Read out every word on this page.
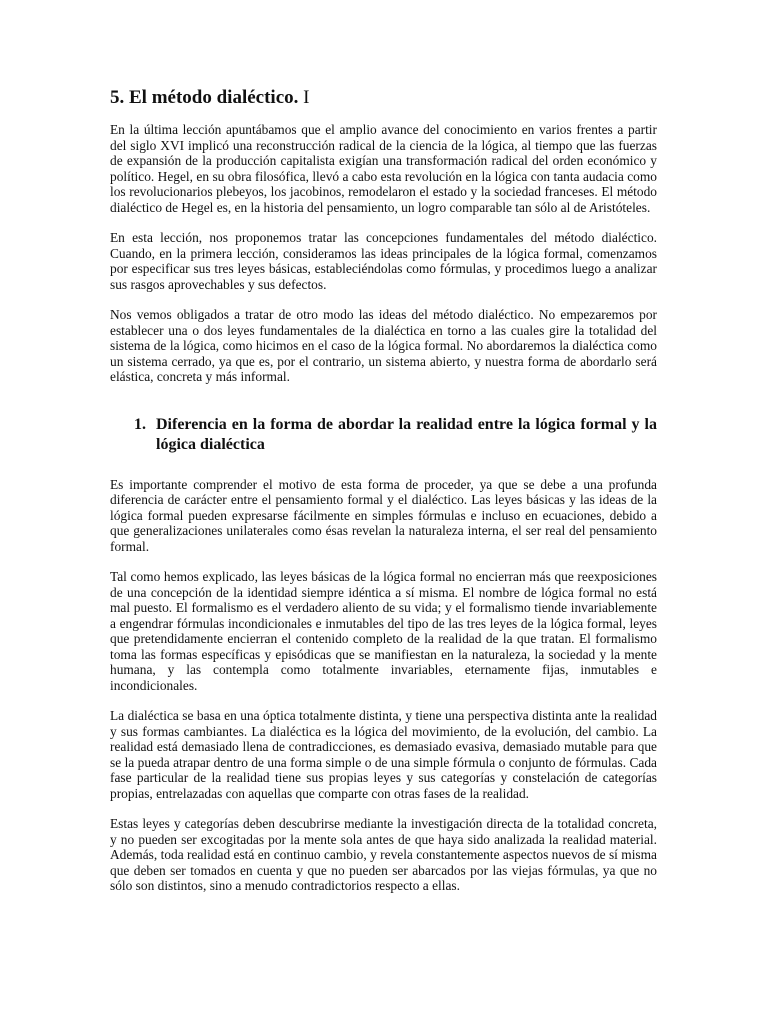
5. El método dialéctico. I

En la última lección apuntábamos que el amplio avance del conocimiento en varios frentes a partir del siglo XVI implicó una reconstrucción radical de la ciencia de la lógica, al tiempo que las fuerzas de expansión de la producción capitalista exigían una transformación radical del orden económico y político. Hegel, en su obra filosófica, llevó a cabo esta revolución en la lógica con tanta audacia como los revolucionarios plebeyos, los jacobinos, remodelaron el estado y la sociedad franceses. El método dialéctico de Hegel es, en la historia del pensamiento, un logro comparable tan sólo al de Aristóteles.

En esta lección, nos proponemos tratar las concepciones fundamentales del método dialéctico. Cuando, en la primera lección, consideramos las ideas principales de la lógica formal, comenzamos por especificar sus tres leyes básicas, estableciéndolas como fórmulas, y procedimos luego a analizar sus rasgos aprovechables y sus defectos.

Nos vemos obligados a tratar de otro modo las ideas del método dialéctico. No empezaremos por establecer una o dos leyes fundamentales de la dialéctica en torno a las cuales gire la totalidad del sistema de la lógica, como hicimos en el caso de la lógica formal. No abordaremos la dialéctica como un sistema cerrado, ya que es, por el contrario, un sistema abierto, y nuestra forma de abordarlo será elástica, concreta y más informal.

1. Diferencia en la forma de abordar la realidad entre la lógica formal y la lógica dialéctica

Es importante comprender el motivo de esta forma de proceder, ya que se debe a una profunda diferencia de carácter entre el pensamiento formal y el dialéctico. Las leyes básicas y las ideas de la lógica formal pueden expresarse fácilmente en simples fórmulas e incluso en ecuaciones, debido a que generalizaciones unilaterales como ésas revelan la naturaleza interna, el ser real del pensamiento formal.

Tal como hemos explicado, las leyes básicas de la lógica formal no encierran más que reexposiciones de una concepción de la identidad siempre idéntica a sí misma. El nombre de lógica formal no está mal puesto. El formalismo es el verdadero aliento de su vida; y el formalismo tiende invariablemente a engendrar fórmulas incondicionales e inmutables del tipo de las tres leyes de la lógica formal, leyes que pretendidamente encierran el contenido completo de la realidad de la que tratan. El formalismo toma las formas específicas y episódicas que se manifiestan en la naturaleza, la sociedad y la mente humana, y las contempla como totalmente invariables, eternamente fijas, inmutables e incondicionales.

La dialéctica se basa en una óptica totalmente distinta, y tiene una perspectiva distinta ante la realidad y sus formas cambiantes. La dialéctica es la lógica del movimiento, de la evolución, del cambio. La realidad está demasiado llena de contradicciones, es demasiado evasiva, demasiado mutable para que se la pueda atrapar dentro de una forma simple o de una simple fórmula o conjunto de fórmulas. Cada fase particular de la realidad tiene sus propias leyes y sus categorías y constelación de categorías propias, entrelazadas con aquellas que comparte con otras fases de la realidad.

Estas leyes y categorías deben descubrirse mediante la investigación directa de la totalidad concreta, y no pueden ser excogitadas por la mente sola antes de que haya sido analizada la realidad material. Además, toda realidad está en continuo cambio, y revela constantemente aspectos nuevos de sí misma que deben ser tomados en cuenta y que no pueden ser abarcados por las viejas fórmulas, ya que no sólo son distintos, sino a menudo contradictorios respecto a ellas.
